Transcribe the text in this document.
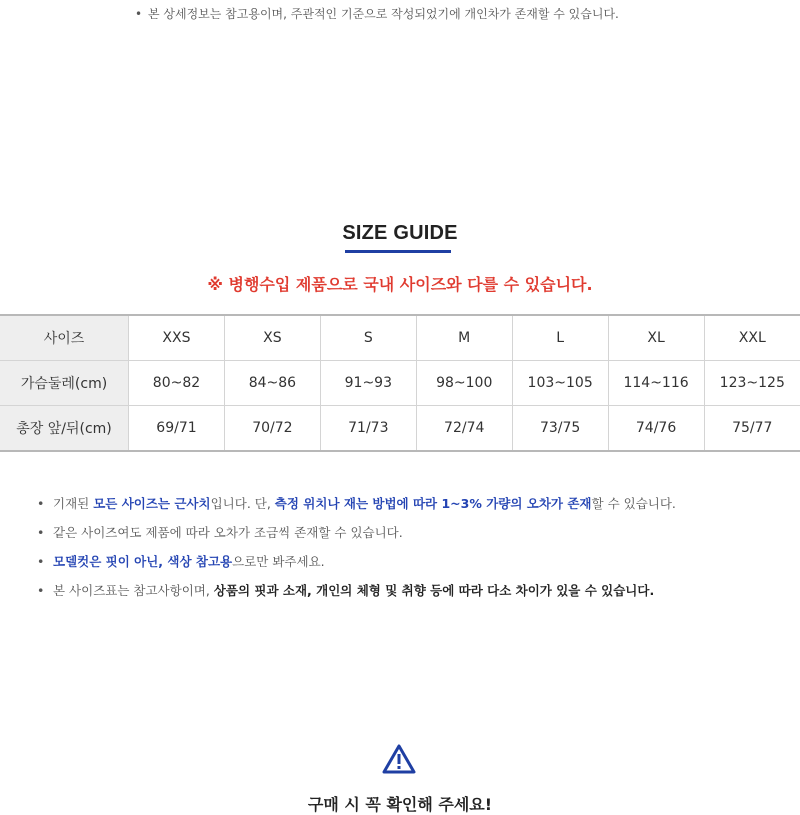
• 본 상세정보는 참고용이며, 주관적인 기준으로 작성되었기에 개인차가 존재할 수 있습니다.
SIZE GUIDE
※ 병행수입 제품으로 국내 사이즈와 다를 수 있습니다.
사이즈	XXS	XS	S	M	L	XL	XXL
가슴둘레(cm)	80~82	84~86	91~93	98~100	103~105	114~116	123~125
총장 앞/뒤(cm)	69/71	70/72	71/73	72/74	73/75	74/76	75/77
• 기재된 모든 사이즈는 근사치입니다. 단, 측정 위치나 재는 방법에 따라 1~3% 가량의 오차가 존재할 수 있습니다.
• 같은 사이즈여도 제품에 따라 오차가 조금씩 존재할 수 있습니다.
• 모델컷은 핏이 아닌, 색상 참고용으로만 봐주세요.
• 본 사이즈표는 참고사항이며, 상품의 핏과 소재, 개인의 체형 및 취향 등에 따라 다소 차이가 있을 수 있습니다.
구매 시 꼭 확인해 주세요!
